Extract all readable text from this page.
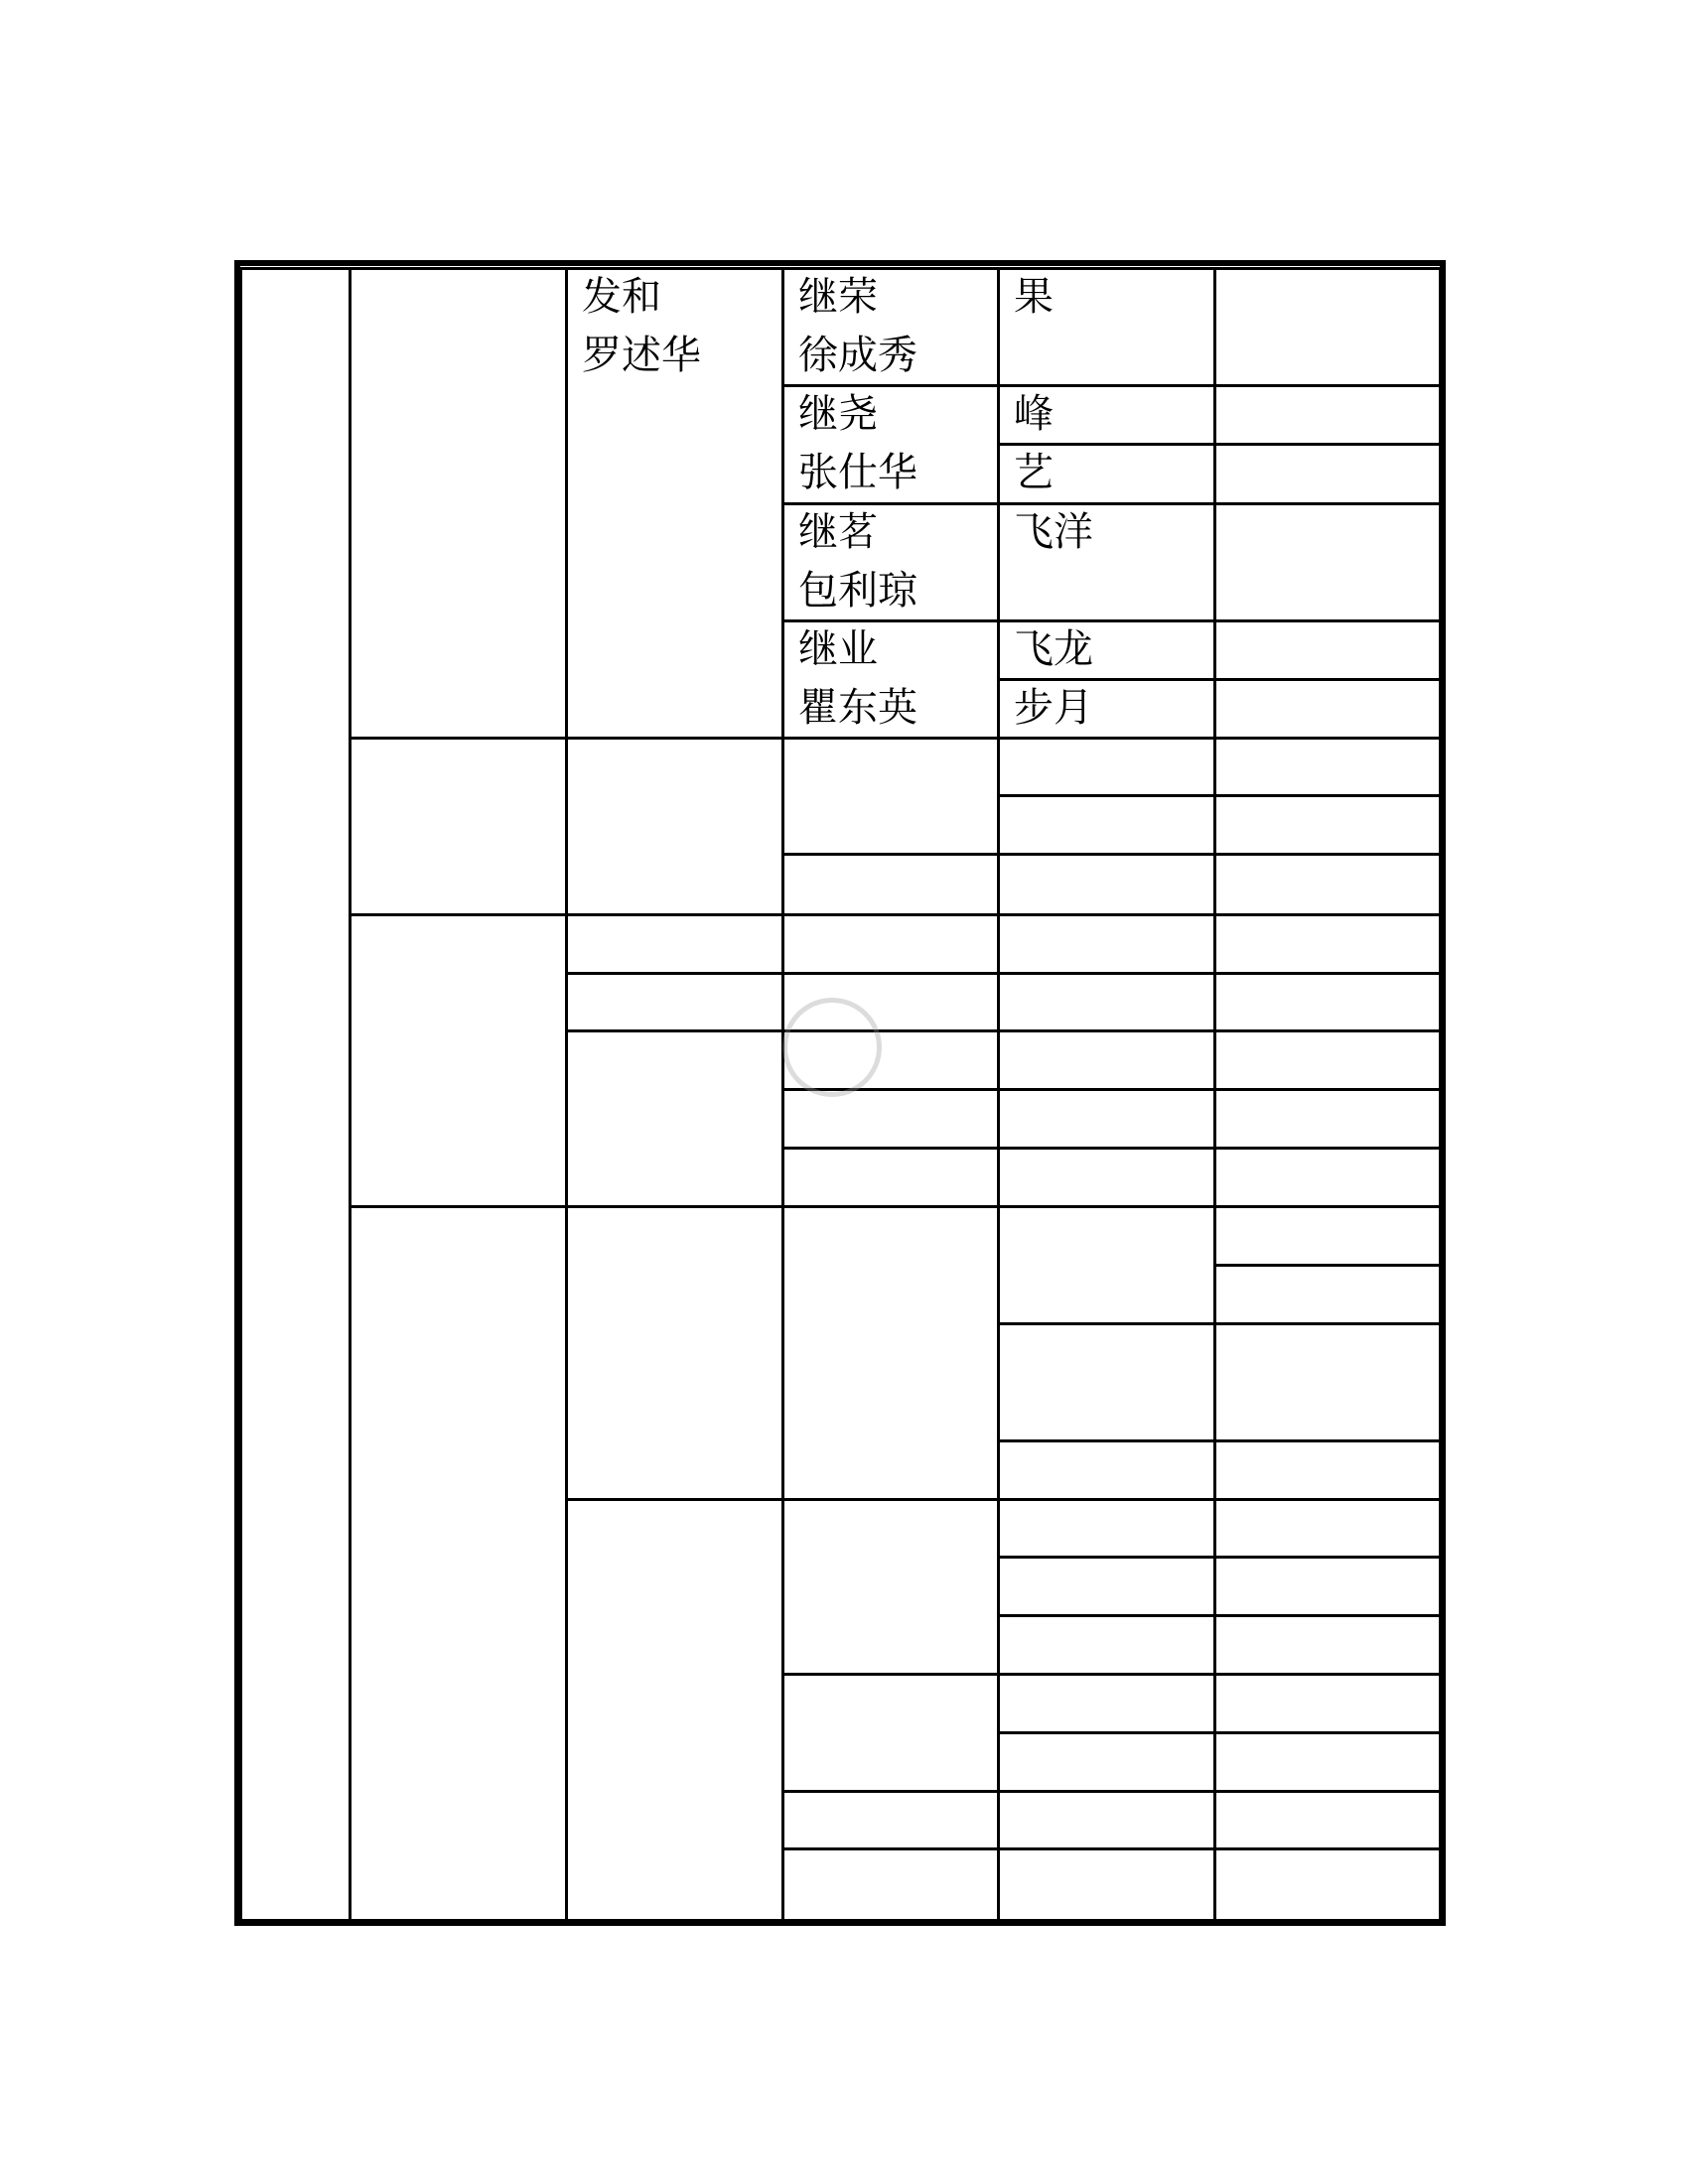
发和
罗述华
继荣
徐成秀
果
继尧
张仕华
峰
艺
继茗
包利琼
飞洋
继业
瞿东英
飞龙
步月
